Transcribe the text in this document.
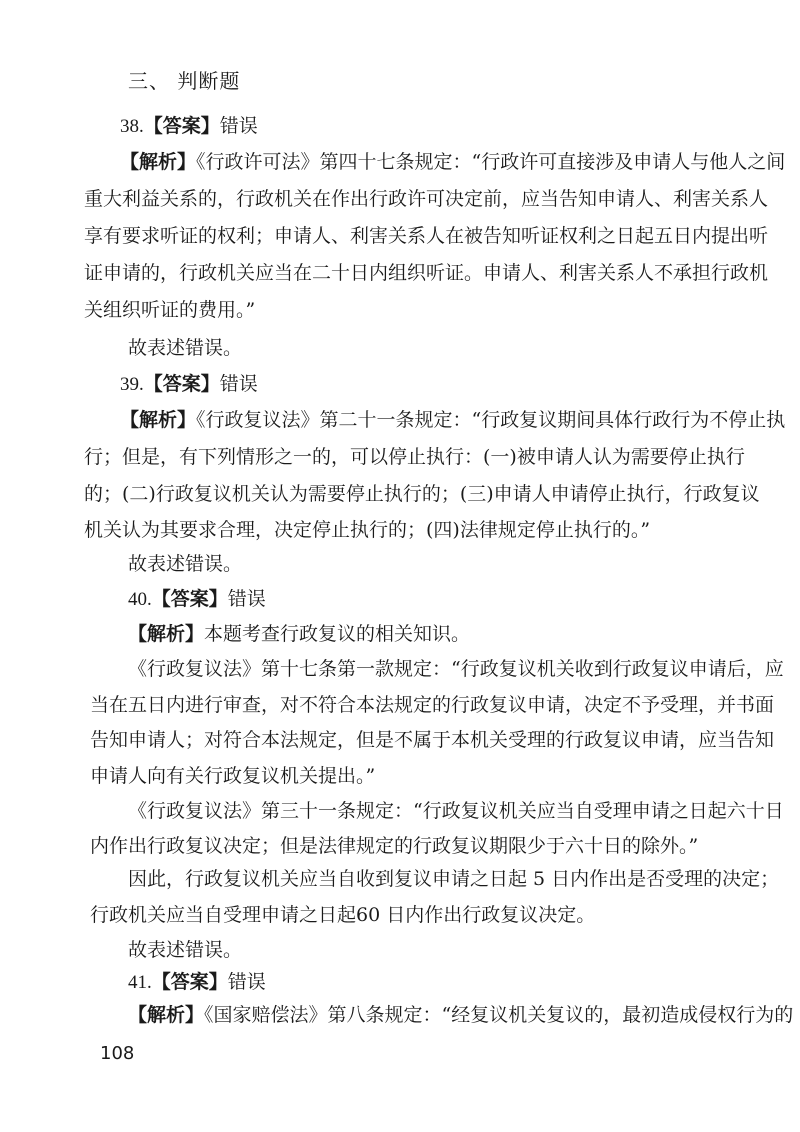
三、 判断题
38.【答案】错误
【解析】《行政许可法》第四十七条规定：“行政许可直接涉及申请人与他人之间
重大利益关系的，行政机关在作出行政许可决定前，应当告知申请人、利害关系人
享有要求听证的权利；申请人、利害关系人在被告知听证权利之日起五日内提出听
证申请的，行政机关应当在二十日内组织听证。申请人、利害关系人不承担行政机
关组织听证的费用。”
故表述错误。
39.【答案】错误
【解析】《行政复议法》第二十一条规定：“行政复议期间具体行政行为不停止执
行；但是，有下列情形之一的，可以停止执行：(一)被申请人认为需要停止执行
的；(二)行政复议机关认为需要停止执行的；(三)申请人申请停止执行，行政复议
机关认为其要求合理，决定停止执行的；(四)法律规定停止执行的。”
故表述错误。
40.【答案】错误
【解析】本题考查行政复议的相关知识。
《行政复议法》第十七条第一款规定：“行政复议机关收到行政复议申请后，应
当在五日内进行审查，对不符合本法规定的行政复议申请，决定不予受理，并书面
告知申请人；对符合本法规定，但是不属于本机关受理的行政复议申请，应当告知
申请人向有关行政复议机关提出。”
《行政复议法》第三十一条规定：“行政复议机关应当自受理申请之日起六十日
内作出行政复议决定；但是法律规定的行政复议期限少于六十日的除外。”
因此，行政复议机关应当自收到复议申请之日起 5 日内作出是否受理的决定；
行政机关应当自受理申请之日起60 日内作出行政复议决定。
故表述错误。
41.【答案】错误
【解析】《国家赔偿法》第八条规定：“经复议机关复议的，最初造成侵权行为的
108
